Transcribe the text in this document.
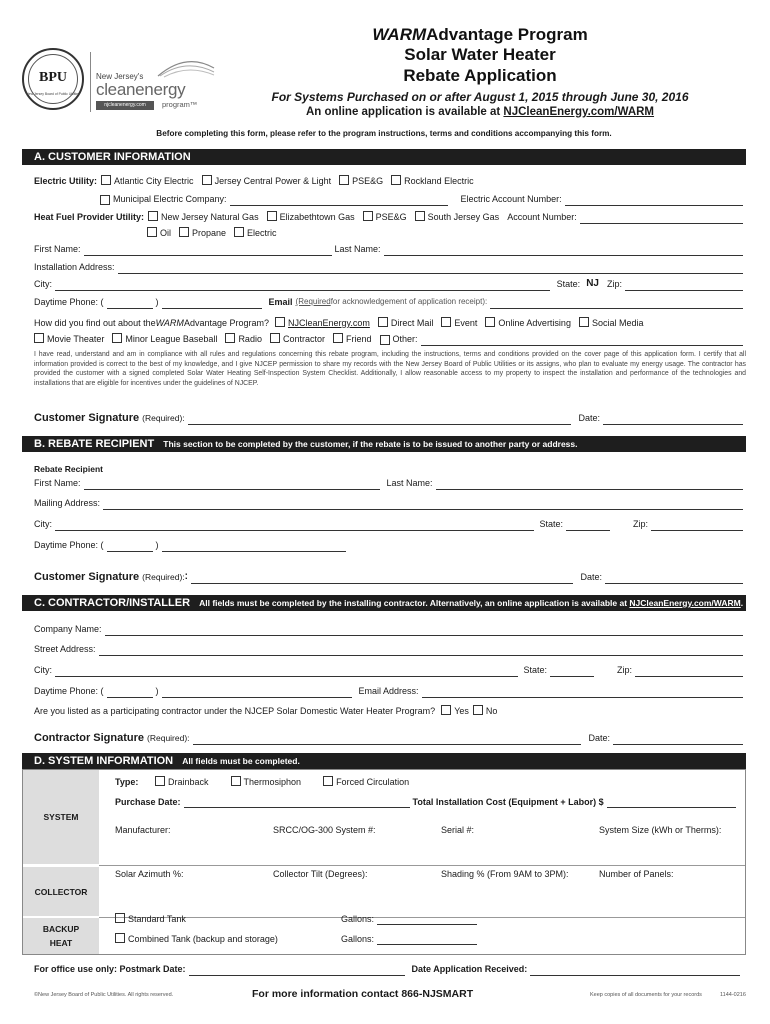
BPU
New Jersey Board of Public Utilities
New Jersey's
cleanenergy
njcleanenergy.com	program™
WARMAdvantage Program
Solar Water Heater
Rebate Application
For Systems Purchased on or after August 1, 2015 through June 30, 2016
An online application is available at NJCleanEnergy.com/WARM
Before completing this form, please refer to the program instructions, terms and conditions accompanying this form.
A. CUSTOMER INFORMATION
Electric Utility: Atlantic City Electric Jersey Central Power & Light PSE&G Rockland Electric
Municipal Electric Company:	Electric Account Number:
Heat Fuel Provider Utility: New Jersey Natural Gas Elizabethtown Gas PSE&G South Jersey Gas Account Number:
Oil Propane Electric
First Name:	Last Name:
Installation Address:
City:	State: NJ Zip:
Daytime Phone: (	)	Email (Required for acknowledgement of application receipt):
How did you find out about the WARM Advantage Program? NJCleanEnergy.com Direct Mail Event Online Advertising Social Media
Movie Theater Minor League Baseball Radio Contractor Friend Other:
I have read, understand and am in compliance with all rules and regulations concerning this rebate program, including the instructions, terms and conditions provided on the cover page of this application form. I certify that all information provided is correct to the best of my knowledge, and I give NJCEP permission to share my records with the New Jersey Board of Public Utilities or its assigns, who plan to evaluate my energy usage. The contractor has provided the customer with a signed completed Solar Water Heating Self-Inspection System Checklist. Additionally, I allow reasonable access to my property to inspect the installation and performance of the technologies and installations that are eligible for incentives under the guidelines of NJCEP.
Customer Signature (Required):	Date:
B. REBATE RECIPIENT This section to be completed by the customer, if the rebate is to be issued to another party or address.
Rebate Recipient
First Name:	Last Name:
Mailing Address:
City:	State:	Zip:
Daytime Phone: (	)
Customer Signature (Required): :	Date:
C. CONTRACTOR/INSTALLER All fields must be completed by the installing contractor. Alternatively, an online application is available at NJCleanEnergy.com/WARM.
Company Name:
Street Address:
City:	State:	Zip:
Daytime Phone: (	)	Email Address:
Are you listed as a participating contractor under the NJCEP Solar Domestic Water Heater Program? Yes No
Contractor Signature (Required):	Date:
D. SYSTEM INFORMATION All fields must be completed.
SYSTEM
COLLECTOR
BACKUP
HEAT
Type:	Drainback	Thermosiphon	Forced Circulation
Purchase Date:	Total Installation Cost (Equipment + Labor) $
Manufacturer:	SRCC/OG-300 System #:	Serial #:	System Size (kWh or Therms):
Solar Azimuth %:	Collector Tilt (Degrees):	Shading % (From 9AM to 3PM):	Number of Panels:
Standard Tank	Gallons:
Combined Tank (backup and storage)	Gallons:
For office use only: Postmark Date:	Date Application Received:
©New Jersey Board of Public Utilities. All rights reserved.	For more information contact 866-NJSMART	Keep copies of all documents for your records	1144-0216
